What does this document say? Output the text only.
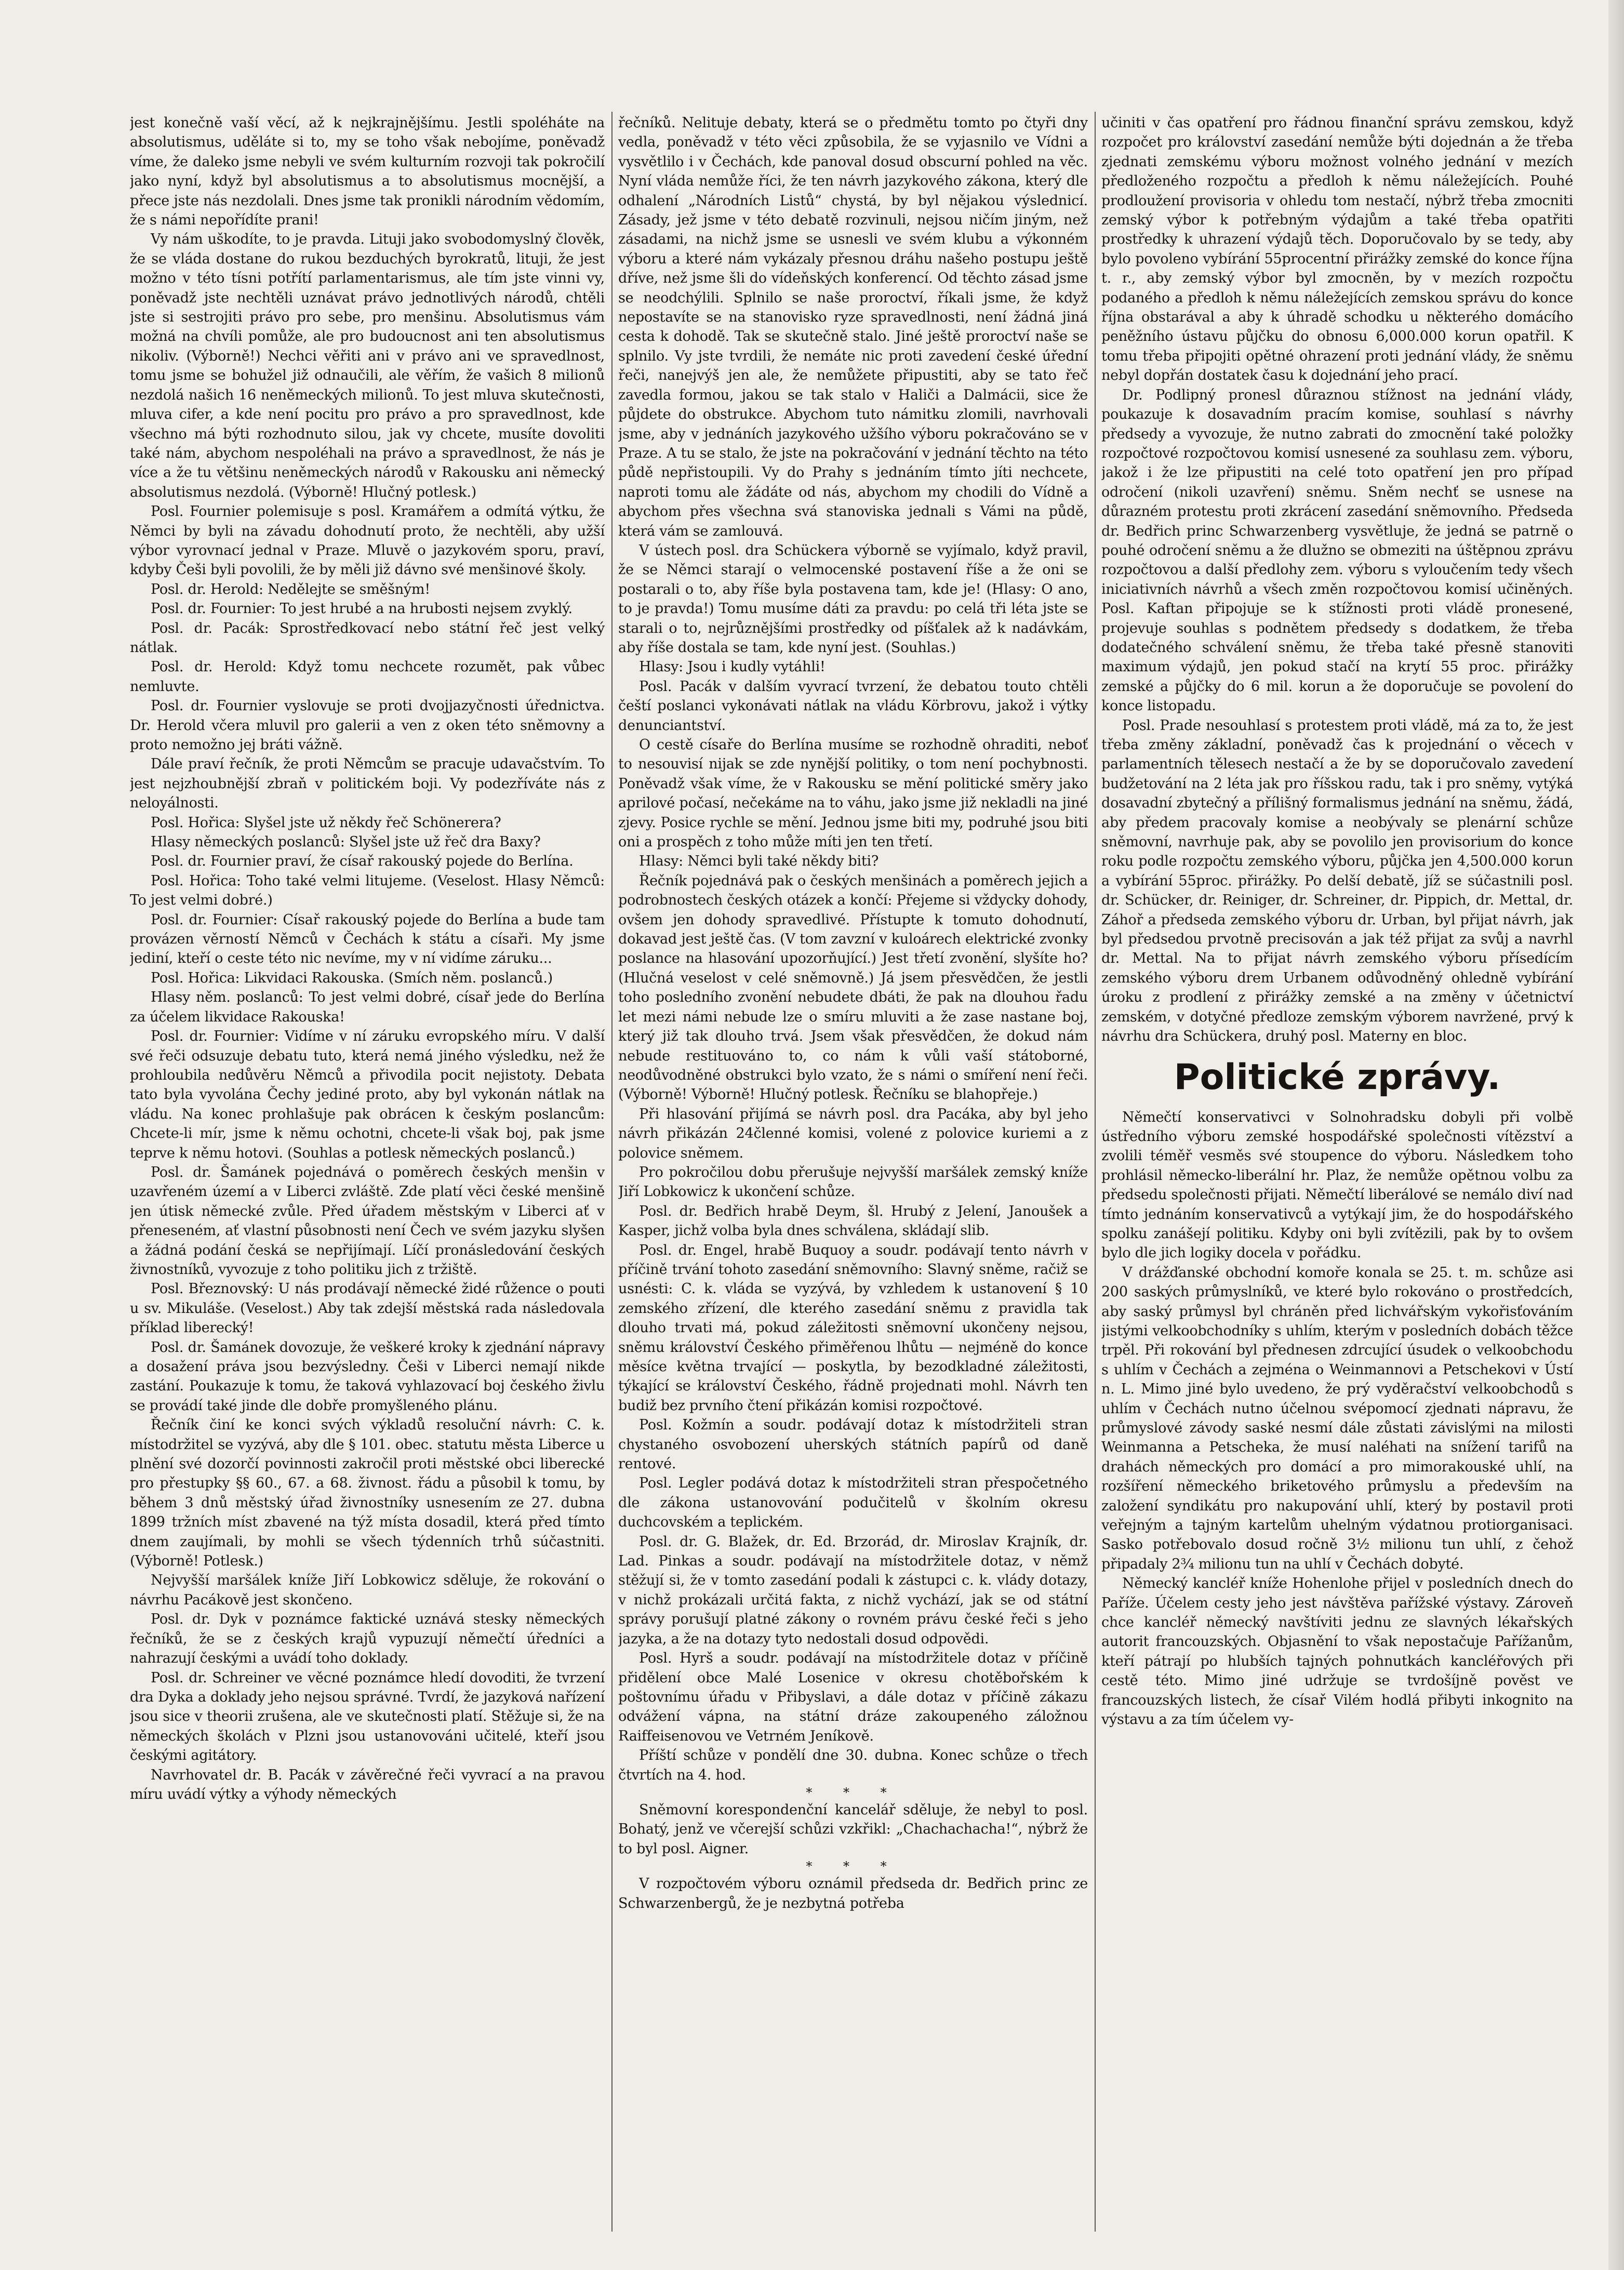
jest konečně vaší věcí, až k nejkrajnějšímu. Jestli spoléháte na absolutismus, uděláte si to, my se toho však nebojíme, poněvadž víme, že daleko jsme nebyli ve svém kulturním rozvoji tak pokročilí jako nyní, když byl absolutismus a to absolutismus mocnější, a přece jste nás nezdolali. Dnes jsme tak pronikli národním vědomím, že s námi nepořídíte prani!

Vy nám uškodíte, to je pravda. Lituji jako svobodomyslný člověk, že se vláda dostane do rukou bezduchých byrokratů, lituji, že jest možno v této tísni potřítí parlamentarismus, ale tím jste vinni vy, poněvadž jste nechtěli uznávat právo jednotlivých národů, chtěli jste si sestrojiti právo pro sebe, pro menšinu. Absolutismus vám možná na chvíli pomůže, ale pro budoucnost ani ten absolutismus nikoliv. (Výborně!) Nechci věřiti ani v právo ani ve spravedlnost, tomu jsme se bohužel již odnaučili, ale věřím, že vašich 8 milionů nezdolá našich 16 neněmeckých milionů. To jest mluva skutečnosti, mluva cifer, a kde není pocitu pro právo a pro spravedlnost, kde všechno má býti rozhodnuto silou, jak vy chcete, musíte dovoliti také nám, abychom nespoléhali na právo a spravedlnost, že nás je více a že tu většinu neněmeckých národů v Rakousku ani německý absolutismus nezdolá. (Výborně! Hlučný potlesk.)

Posl. Fournier polemisuje s posl. Kramářem a odmítá výtku, že Němci by byli na závadu dohodnutí proto, že nechtěli, aby užší výbor vyrovnací jednal v Praze. Mluvě o jazykovém sporu, praví, kdyby Češi byli povolili, že by měli již dávno své menšinové školy.

Posl. dr. Herold: Nedělejte se směšným!

Posl. dr. Fournier: To jest hrubé a na hrubosti nejsem zvyklý.

Posl. dr. Pacák: Sprostředkovací nebo státní řeč jest velký nátlak.

Posl. dr. Herold: Když tomu nechcete rozumět, pak vůbec nemluvte.

Posl. dr. Fournier vyslovuje se proti dvojjazyčnosti úřednictva. Dr. Herold včera mluvil pro galerii a ven z oken této sněmovny a proto nemožno jej bráti vážně.

Dále praví řečník, že proti Němcům se pracuje udavačstvím. To jest nejzhoubnější zbraň v politickém boji. Vy podezříváte nás z neloyálnosti.

Posl. Hořica: Slyšel jste už někdy řeč Schönerera?

Hlasy německých poslanců: Slyšel jste už řeč dra Baxy?

Posl. dr. Fournier praví, že císař rakouský pojede do Berlína.

Posl. Hořica: Toho také velmi litujeme. (Veselost. Hlasy Němců: To jest velmi dobré.)

Posl. dr. Fournier: Císař rakouský pojede do Berlína a bude tam provázen věrností Němců v Čechách k státu a císaři. My jsme jediní, kteří o ceste této nic nevíme, my v ní vidíme záruku...

Posl. Hořica: Likvidaci Rakouska. (Smích něm. poslanců.)

Hlasy něm. poslanců: To jest velmi dobré, císař jede do Berlína za účelem likvidace Rakouska!

Posl. dr. Fournier: Vidíme v ní záruku evropského míru. V další své řeči odsuzuje debatu tuto, která nemá jiného výsledku, než že prohloubila nedůvěru Němců a přivodila pocit nejistoty. Debata tato byla vyvolána Čechy jediné proto, aby byl vykonán nátlak na vládu. Na konec prohlašuje pak obrácen k českým poslancům: Chcete-li mír, jsme k němu ochotni, chcete-li však boj, pak jsme teprve k němu hotovi. (Souhlas a potlesk německých poslanců.)

Posl. dr. Šamánek pojednává o poměrech českých menšin v uzavřeném území a v Liberci zvláště. Zde platí věci české menšině jen útisk německé zvůle. Před úřadem městským v Liberci ať v přeneseném, ať vlastní působnosti není Čech ve svém jazyku slyšen a žádná podání česká se nepřijímají. Líčí pronásledování českých živnostníků, vyvozuje z toho politiku jich z tržiště.

Posl. Březnovský: U nás prodávají německé židé růžence o pouti u sv. Mikuláše. (Veselost.) Aby tak zdejší městská rada následovala příklad liberecký!

Posl. dr. Šamánek dovozuje, že veškeré kroky k zjednání nápravy a dosažení práva jsou bezvýsledny. Češi v Liberci nemají nikde zastání. Poukazuje k tomu, že taková vyhlazovací boj českého živlu se provádí také jinde dle dobře promyšleného plánu.

Řečník činí ke konci svých výkladů resoluční návrh: C. k. místodržitel se vyzývá, aby dle § 101. obec. statutu města Liberce u plnění své dozorčí povinnosti zakročil proti městské obci liberecké pro přestupky §§ 60., 67. a 68. živnost. řádu a působil k tomu, by během 3 dnů městský úřad živnostníky usnesením ze 27. dubna 1899 tržních míst zbavené na týž místa dosadil, která před tímto dnem zaujímali, by mohli se všech týdenních trhů súčastniti. (Výborně! Potlesk.)

Nejvyšší maršálek kníže Jiří Lobkowicz sděluje, že rokování o návrhu Pacákově jest skončeno.

Posl. dr. Dyk v poznámce faktické uznává stesky německých řečníků, že se z českých krajů vypuzují němečtí úředníci a nahrazují českými a uvádí toho doklady.

Posl. dr. Schreiner ve věcné poznámce hledí dovoditi, že tvrzení dra Dyka a doklady jeho nejsou správné. Tvrdí, že jazyková nařízení jsou sice v theorii zrušena, ale ve skutečnosti platí. Stěžuje si, že na německých školách v Plzni jsou ustanovováni učitelé, kteří jsou českými agitátory.

Navrhovatel dr. B. Pacák v závěrečné řeči vyvrací a na pravou míru uvádí výtky a výhody německých

řečníků. Nelituje debaty, která se o předmětu tomto po čtyři dny vedla, poněvadž v této věci způsobila, že se vyjasnilo ve Vídni a vysvětlilo i v Čechách, kde panoval dosud obscurní pohled na věc. Nyní vláda nemůže říci, že ten návrh jazykového zákona, který dle odhalení „Národních Listů“ chystá, by byl nějakou výslednicí. Zásady, jež jsme v této debatě rozvinuli, nejsou ničím jiným, než zásadami, na nichž jsme se usnesli ve svém klubu a výkonném výboru a které nám vykázaly přesnou dráhu našeho postupu ještě dříve, než jsme šli do vídeňských konferencí. Od těchto zásad jsme se neodchýlili. Splnilo se naše proroctví, říkali jsme, že když nepostavíte se na stanovisko ryze spravedlnosti, není žádná jiná cesta k dohodě. Tak se skutečně stalo. Jiné ještě proroctví naše se splnilo. Vy jste tvrdili, že nemáte nic proti zavedení české úřední řeči, nanejvýš jen ale, že nemůžete připustiti, aby se tato řeč zavedla formou, jakou se tak stalo v Haliči a Dalmácii, sice že půjdete do obstrukce. Abychom tuto námitku zlomili, navrhovali jsme, aby v jednáních jazykového užšího výboru pokračováno se v Praze. A tu se stalo, že jste na pokračování v jednání těchto na této půdě nepřistoupili. Vy do Prahy s jednáním tímto jíti nechcete, naproti tomu ale žádáte od nás, abychom my chodili do Vídně a abychom přes všechna svá stanoviska jednali s Vámi na půdě, která vám se zamlouvá.

V ústech posl. dra Schückera výborně se vyjímalo, když pravil, že se Němci starají o velmocenské postavení říše a že oni se postarali o to, aby říše byla postavena tam, kde je! (Hlasy: O ano, to je pravda!) Tomu musíme dáti za pravdu: po celá tři léta jste se starali o to, nejrůznějšími prostředky od píšťalek až k nadávkám, aby říše dostala se tam, kde nyní jest. (Souhlas.)

Hlasy: Jsou i kudly vytáhli!

Posl. Pacák v dalším vyvrací tvrzení, že debatou touto chtěli čeští poslanci vykonávati nátlak na vládu Körbrovu, jakož i výtky denunciantství.

O cestě císaře do Berlína musíme se rozhodně ohraditi, neboť to nesouvisí nijak se zde nynější politiky, o tom není pochybnosti. Poněvadž však víme, že v Rakousku se mění politické směry jako aprilové počasí, nečekáme na to váhu, jako jsme již nekladli na jiné zjevy. Posice rychle se mění. Jednou jsme biti my, podruhé jsou biti oni a prospěch z toho může míti jen ten třetí.

Hlasy: Němci byli také někdy biti?

Řečník pojednává pak o českých menšinách a poměrech jejich a podrobnostech českých otázek a končí: Přejeme si vždycky dohody, ovšem jen dohody spravedlivé. Přístupte k tomuto dohodnutí, dokavad jest ještě čas. (V tom zavzní v kuloárech elektrické zvonky poslance na hlasování upozorňující.) Jest třetí zvonění, slyšíte ho? (Hlučná veselost v celé sněmovně.) Já jsem přesvědčen, že jestli toho posledního zvonění nebudete dbáti, že pak na dlouhou řadu let mezi námi nebude lze o smíru mluviti a že zase nastane boj, který již tak dlouho trvá. Jsem však přesvědčen, že dokud nám nebude restituováno to, co nám k vůli vaší státoborné, neodůvodněné obstrukci bylo vzato, že s námi o smíření není řeči. (Výborně! Výborně! Hlučný potlesk. Řečníku se blahopřeje.)

Při hlasování přijímá se návrh posl. dra Pacáka, aby byl jeho návrh přikázán 24členné komisi, volené z polovice kuriemi a z polovice sněmem.

Pro pokročilou dobu přerušuje nejvyšší maršálek zemský kníže Jiří Lobkowicz k ukončení schůze.

Posl. dr. Bedřich hrabě Deym, šl. Hrubý z Jelení, Janoušek a Kasper, jichž volba byla dnes schválena, skládají slib.

Posl. dr. Engel, hrabě Buquoy a soudr. podávají tento návrh v příčině trvání tohoto zasedání sněmovního: Slavný sněme, račiž se usnésti: C. k. vláda se vyzývá, by vzhledem k ustanovení § 10 zemského zřízení, dle kterého zasedání sněmu z pravidla tak dlouho trvati má, pokud záležitosti sněmovní ukončeny nejsou, sněmu království Českého přiměřenou lhůtu — nejméně do konce měsíce května trvající — poskytla, by bezodkladné záležitosti, týkající se království Českého, řádně projednati mohl. Návrh ten budiž bez prvního čtení přikázán komisi rozpočtové.

Posl. Kožmín a soudr. podávají dotaz k místodržiteli stran chystaného osvobození uherských státních papírů od daně rentové.

Posl. Legler podává dotaz k místodržiteli stran přespočetného dle zákona ustanovování podučitelů v školním okresu duchcovském a teplickém.

Posl. dr. G. Blažek, dr. Ed. Brzorád, dr. Miroslav Krajník, dr. Lad. Pinkas a soudr. podávají na místodržitele dotaz, v němž stěžují si, že v tomto zasedání podali k zástupci c. k. vlády dotazy, v nichž prokázali určitá fakta, z nichž vychází, jak se od státní správy porušují platné zákony o rovném právu české řeči s jeho jazyka, a že na dotazy tyto nedostali dosud odpovědi.

Posl. Hyrš a soudr. podávají na místodržitele dotaz v příčině přidělení obce Malé Losenice v okresu chotěbořském k poštovnímu úřadu v Přibyslavi, a dále dotaz v příčině zákazu odvážení vápna, na státní dráze zakoupeného záložnou Raiffeisenovou ve Vetrném Jeníkově.

Příští schůze v pondělí dne 30. dubna. Konec schůze o třech čtvrtích na 4. hod.

* * *

Sněmovní korespondenční kancelář sděluje, že nebyl to posl. Bohatý, jenž ve včerejší schůzi vzkřikl: „Chachachacha!“, nýbrž že to byl posl. Aigner.

* * *

V rozpočtovém výboru oznámil předseda dr. Bedřich princ ze Schwarzenbergů, že je nezbytná potřeba

učiniti v čas opatření pro řádnou finanční správu zemskou, když rozpočet pro království zasedání nemůže býti dojednán a že třeba zjednati zemskému výboru možnost volného jednání v mezích předloženého rozpočtu a předloh k němu náležejících. Pouhé prodloužení provisoria v ohledu tom nestačí, nýbrž třeba zmocniti zemský výbor k potřebným výdajům a také třeba opatřiti prostředky k uhrazení výdajů těch. Doporučovalo by se tedy, aby bylo povoleno vybírání 55procentní přirážky zemské do konce října t. r., aby zemský výbor byl zmocněn, by v mezích rozpočtu podaného a předloh k němu náležejících zemskou správu do konce října obstarával a aby k úhradě schodku u některého domácího peněžního ústavu půjčku do obnosu 6,000.000 korun opatřil. K tomu třeba připojiti opětné ohrazení proti jednání vlády, že sněmu nebyl dopřán dostatek času k dojednání jeho prací.

Dr. Podlipný pronesl důraznou stížnost na jednání vlády, poukazuje k dosavadním pracím komise, souhlasí s návrhy předsedy a vyvozuje, že nutno zabrati do zmocnění také položky rozpočtové rozpočtovou komisí usnesené za souhlasu zem. výboru, jakož i že lze připustiti na celé toto opatření jen pro případ odročení (nikoli uzavření) sněmu. Sněm nechť se usnese na důrazném protestu proti zkrácení zasedání sněmovního. Předseda dr. Bedřich princ Schwarzenberg vysvětluje, že jedná se patrně o pouhé odročení sněmu a že dlužno se obmeziti na úštěpnou zprávu rozpočtovou a další předlohy zem. výboru s vyloučením tedy všech iniciativních návrhů a všech změn rozpočtovou komisí učiněných. Posl. Kaftan připojuje se k stížnosti proti vládě pronesené, projevuje souhlas s podnětem předsedy s dodatkem, že třeba dodatečného schválení sněmu, že třeba také přesně stanoviti maximum výdajů, jen pokud stačí na krytí 55 proc. přirážky zemské a půjčky do 6 mil. korun a že doporučuje se povolení do konce listopadu.

Posl. Prade nesouhlasí s protestem proti vládě, má za to, že jest třeba změny základní, poněvadž čas k projednání o věcech v parlamentních tělesech nestačí a že by se doporučovalo zavedení budžetování na 2 léta jak pro říšskou radu, tak i pro sněmy, vytýká dosavadní zbytečný a přílišný formalismus jednání na sněmu, žádá, aby předem pracovaly komise a neobývaly se plenární schůze sněmovní, navrhuje pak, aby se povolilo jen provisorium do konce roku podle rozpočtu zemského výboru, půjčka jen 4,500.000 korun a vybírání 55proc. přirážky. Po delší debatě, jíž se súčastnili posl. dr. Schücker, dr. Reiniger, dr. Schreiner, dr. Pippich, dr. Mettal, dr. Záhoř a předseda zemského výboru dr. Urban, byl přijat návrh, jak byl předsedou prvotně precisován a jak též přijat za svůj a navrhl dr. Mettal. Na to přijat návrh zemského výboru přísedícím zemského výboru drem Urbanem odůvodněný ohledně vybírání úroku z prodlení z přirážky zemské a na změny v účetnictví zemském, v dotyčné předloze zemským výborem navržené, prvý k návrhu dra Schückera, druhý posl. Materny en bloc.

Politické zprávy.

Němečtí konservativci v Solnohradsku dobyli při volbě ústředního výboru zemské hospodářské společnosti vítězství a zvolili téměř vesměs své stoupence do výboru. Následkem toho prohlásil německo-liberální hr. Plaz, že nemůže opětnou volbu za předsedu společnosti přijati. Němečtí liberálové se nemálo diví nad tímto jednáním konservativců a vytýkají jim, že do hospodářského spolku zanášejí politiku. Kdyby oni byli zvítězili, pak by to ovšem bylo dle jich logiky docela v pořádku.

V drážďanské obchodní komoře konala se 25. t. m. schůze asi 200 saských průmyslníků, ve které bylo rokováno o prostředcích, aby saský průmysl byl chráněn před lichvářským vykořisťováním jistými velkoobchodníky s uhlím, kterým v posledních dobách těžce trpěl. Při rokování byl přednesen zdrcující úsudek o velkoobchodu s uhlím v Čechách a zejména o Weinmannovi a Petschekovi v Ústí n. L. Mimo jiné bylo uvedeno, že prý vyděračství velkoobchodů s uhlím v Čechách nutno účelnou svépomocí zjednati nápravu, že průmyslové závody saské nesmí dále zůstati závislými na milosti Weinmanna a Petscheka, že musí naléhati na snížení tarifů na drahách německých pro domácí a pro mimorakouské uhlí, na rozšíření německého briketového průmyslu a především na založení syndikátu pro nakupování uhlí, který by postavil proti veřejným a tajným kartelům uhelným výdatnou protiorganisaci. Sasko potřebovalo dosud ročně 3½ milionu tun uhlí, z čehož připadaly 2¾ milionu tun na uhlí v Čechách dobyté.

Německý kancléř kníže Hohenlohe přijel v posledních dnech do Paříže. Účelem cesty jeho jest návštěva pařížské výstavy. Zároveň chce kancléř německý navštíviti jednu ze slavných lékařských autorit francouzských. Objasnění to však nepostačuje Pařížanům, kteří pátrají po hlubších tajných pohnutkách kancléřových při cestě této. Mimo jiné udržuje se tvrdošíjně pověst ve francouzských listech, že císař Vilém hodlá přibyti inkognito na výstavu a za tím účelem vy-
